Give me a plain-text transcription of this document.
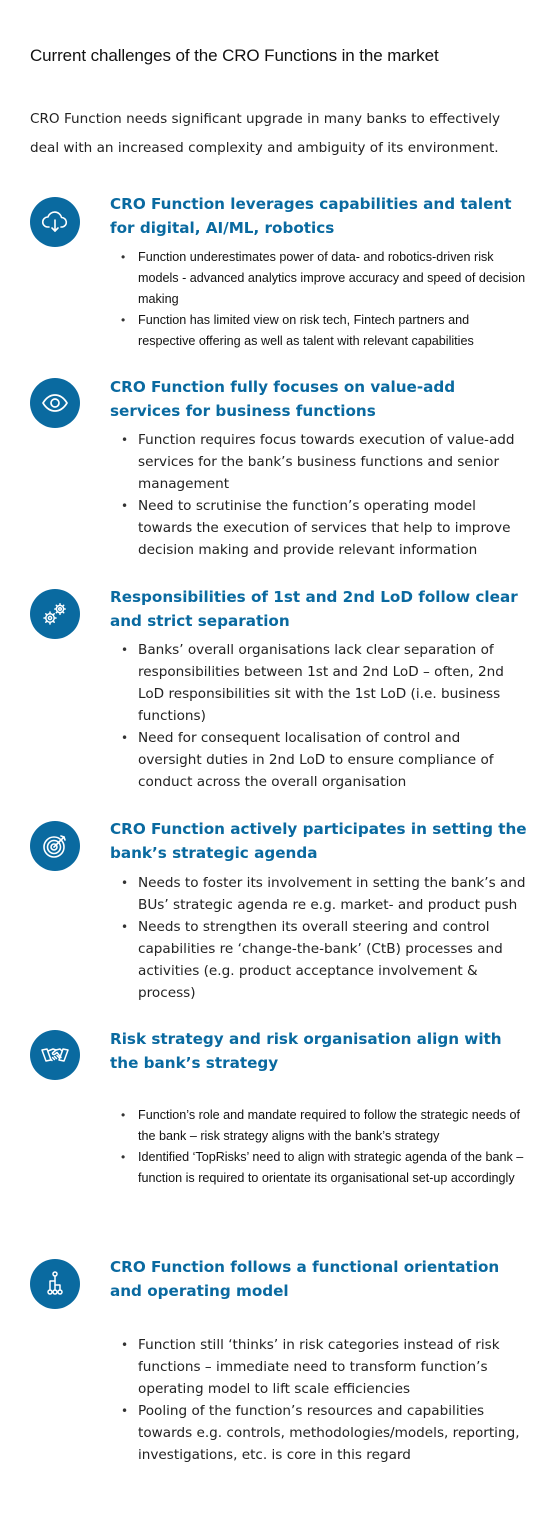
Current challenges of the CRO Functions in the market
CRO Function needs significant upgrade in many banks to effectively deal with an increased complexity and ambiguity of its environment.
CRO Function leverages capabilities and talent for digital, AI/ML, robotics
• Function underestimates power of data- and robotics-driven risk models - advanced analytics improve accuracy and speed of decision making
• Function has limited view on risk tech, Fintech partners and respective offering as well as talent with relevant capabilities
CRO Function fully focuses on value-add services for business functions
• Function requires focus towards execution of value-add services for the bank’s business functions and senior management
• Need to scrutinise the function’s operating model towards the execution of services that help to improve decision making and provide relevant information
Responsibilities of 1st and 2nd LoD follow clear and strict separation
• Banks’ overall organisations lack clear separation of responsibilities between 1st and 2nd LoD – often, 2nd LoD responsibilities sit with the 1st LoD (i.e. business functions)
• Need for consequent localisation of control and oversight duties in 2nd LoD to ensure compliance of conduct across the overall organisation
CRO Function actively participates in setting the bank’s strategic agenda
• Needs to foster its involvement in setting the bank’s and BUs’ strategic agenda re e.g. market- and product push
• Needs to strengthen its overall steering and control capabilities re ‘change-the-bank’ (CtB) processes and activities (e.g. product acceptance involvement & process)
Risk strategy and risk organisation align with the bank’s strategy
• Function’s role and mandate required to follow the strategic needs of the bank – risk strategy aligns with the bank’s strategy
• Identified ‘TopRisks’ need to align with strategic agenda of the bank – function is required to orientate its organisational set-up accordingly
CRO Function follows a functional orientation and operating model
• Function still ‘thinks’ in risk categories instead of risk functions – immediate need to transform function’s operating model to lift scale efficiencies
• Pooling of the function’s resources and capabilities towards e.g. controls, methodologies/models, reporting, investigations, etc. is core in this regard
